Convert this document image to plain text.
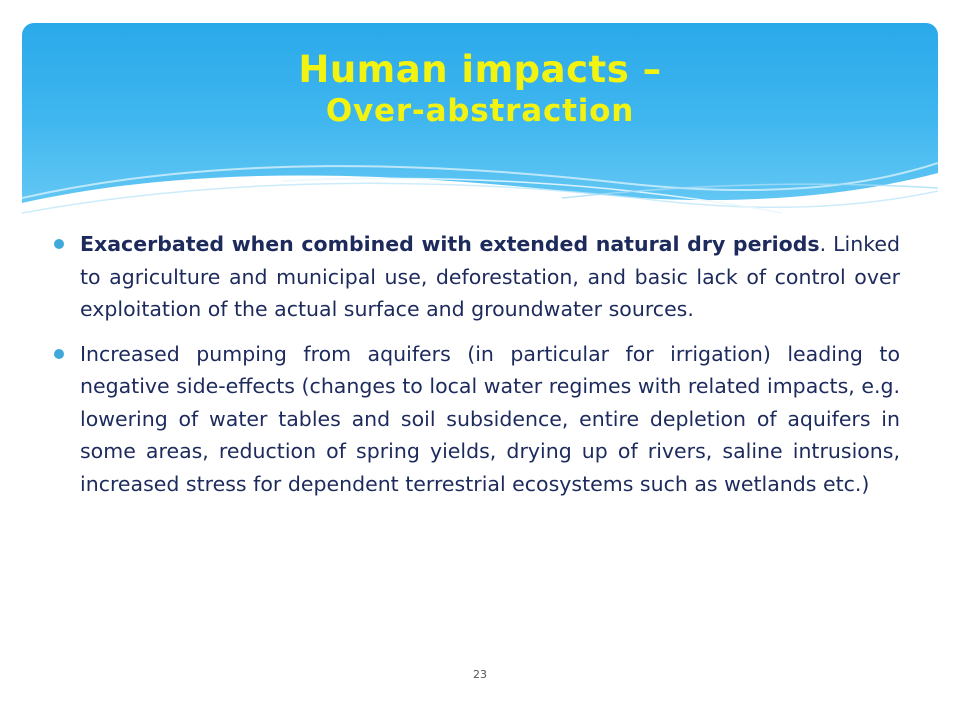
Human impacts –
Over-abstraction

Exacerbated when combined with extended natural dry periods. Linked to agriculture and municipal use, deforestation, and basic lack of control over exploitation of the actual surface and groundwater sources.

Increased pumping from aquifers (in particular for irrigation) leading to negative side-effects (changes to local water regimes with related impacts, e.g. lowering of water tables and soil subsidence, entire depletion of aquifers in some areas, reduction of spring yields, drying up of rivers, saline intrusions, increased stress for dependent terrestrial ecosystems such as wetlands etc.)

23
